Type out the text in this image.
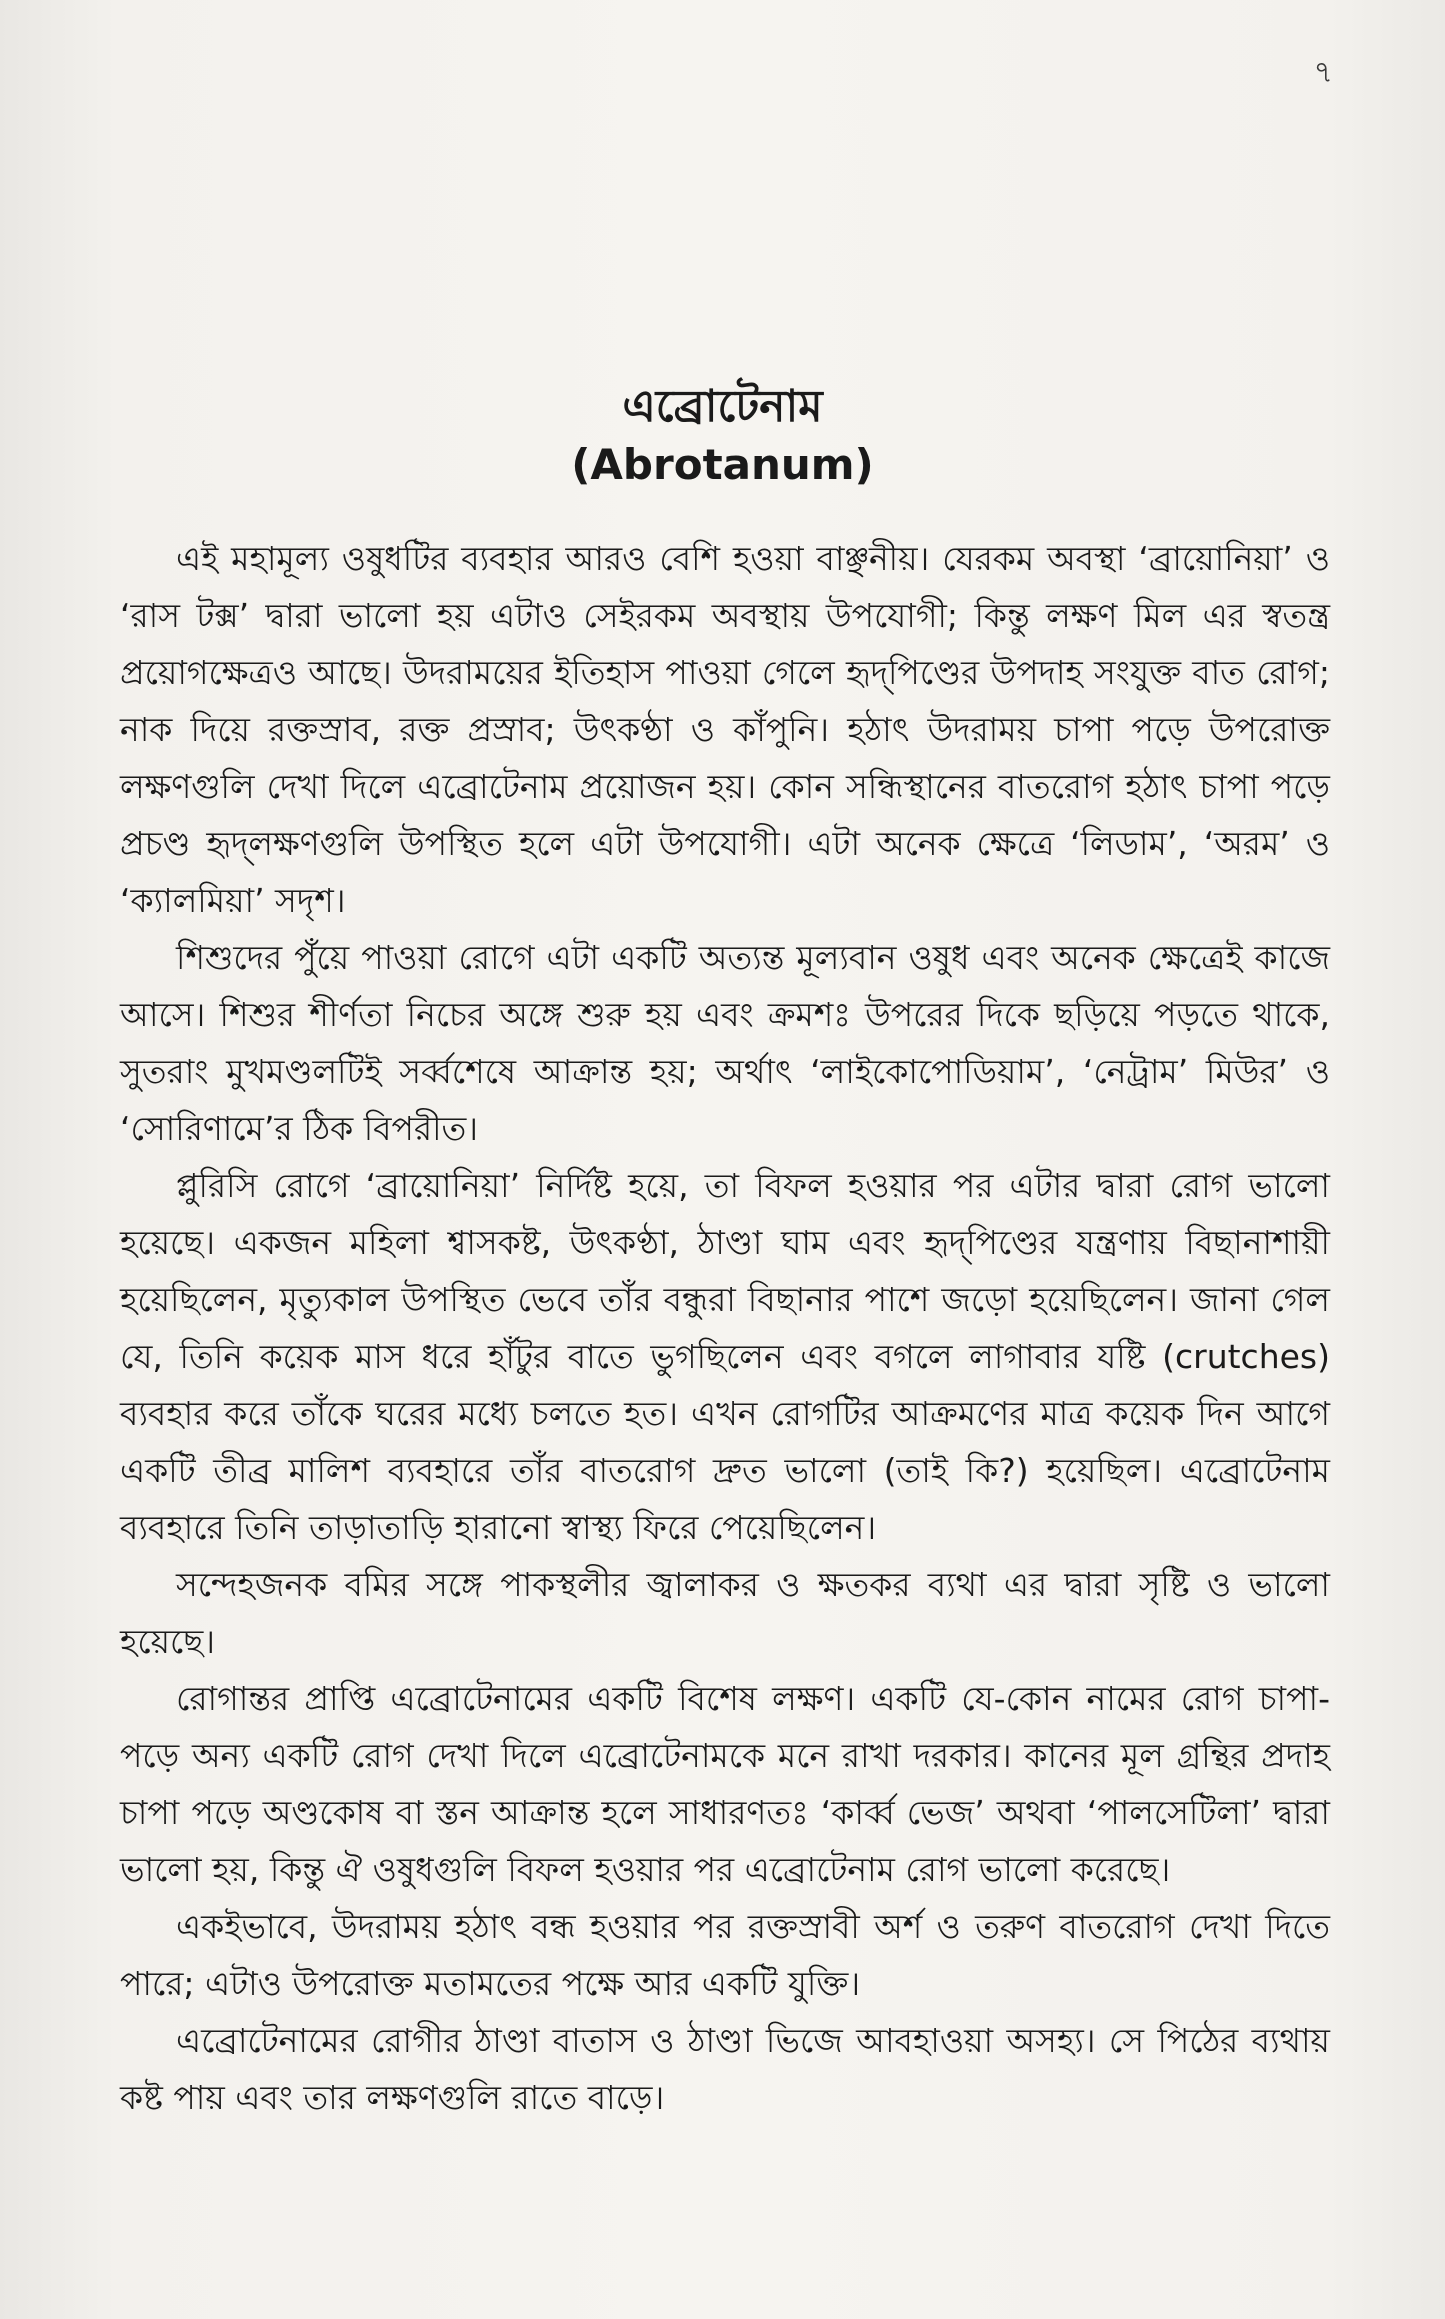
৭
এব্রোটেনাম
(Abrotanum)

এই মহামূল্য ওষুধটির ব্যবহার আরও বেশি হওয়া বাঞ্ছনীয়। যেরকম অবস্থা ‘ব্রায়োনিয়া’ ও ‘রাস টক্স’ দ্বারা ভালো হয় এটাও সেইরকম অবস্থায় উপযোগী; কিন্তু লক্ষণ মিল এর স্বতন্ত্র প্রয়োগক্ষেত্রও আছে। উদরাময়ের ইতিহাস পাওয়া গেলে হৃদ্‌পিণ্ডের উপদাহ সংযুক্ত বাত রোগ; নাক দিয়ে রক্তস্রাব, রক্ত প্রস্রাব; উৎকণ্ঠা ও কাঁপুনি। হঠাৎ উদরাময় চাপা পড়ে উপরোক্ত লক্ষণগুলি দেখা দিলে এব্রোটেনাম প্রয়োজন হয়। কোন সন্ধিস্থানের বাতরোগ হঠাৎ চাপা পড়ে প্রচণ্ড হৃদ্‌লক্ষণগুলি উপস্থিত হলে এটা উপযোগী। এটা অনেক ক্ষেত্রে ‘লিডাম’, ‘অরম’ ও ‘ক্যালমিয়া’ সদৃশ।

শিশুদের পুঁয়ে পাওয়া রোগে এটা একটি অত্যন্ত মূল্যবান ওষুধ এবং অনেক ক্ষেত্রেই কাজে আসে। শিশুর শীর্ণতা নিচের অঙ্গে শুরু হয় এবং ক্রমশঃ উপরের দিকে ছড়িয়ে পড়তে থাকে, সুতরাং মুখমণ্ডলটিই সর্ব্বশেষে আক্রান্ত হয়; অর্থাৎ ‘লাইকোপোডিয়াম’, ‘নেট্রাম’ মিউর’ ও ‘সোরিণামে’র ঠিক বিপরীত।

প্লুরিসি রোগে ‘ব্রায়োনিয়া’ নির্দিষ্ট হয়ে, তা বিফল হওয়ার পর এটার দ্বারা রোগ ভালো হয়েছে। একজন মহিলা শ্বাসকষ্ট, উৎকণ্ঠা, ঠাণ্ডা ঘাম এবং হৃদ্‌পিণ্ডের যন্ত্রণায় বিছানাশায়ী হয়েছিলেন, মৃত্যুকাল উপস্থিত ভেবে তাঁর বন্ধুরা বিছানার পাশে জড়ো হয়েছিলেন। জানা গেল যে, তিনি কয়েক মাস ধরে হাঁটুর বাতে ভুগছিলেন এবং বগলে লাগাবার যষ্টি (crutches) ব্যবহার করে তাঁকে ঘরের মধ্যে চলতে হত। এখন রোগটির আক্রমণের মাত্র কয়েক দিন আগে একটি তীব্র মালিশ ব্যবহারে তাঁর বাতরোগ দ্রুত ভালো (তাই কি?) হয়েছিল। এব্রোটেনাম ব্যবহারে তিনি তাড়াতাড়ি হারানো স্বাস্থ্য ফিরে পেয়েছিলেন।

সন্দেহজনক বমির সঙ্গে পাকস্থলীর জ্বালাকর ও ক্ষতকর ব্যথা এর দ্বারা সৃষ্টি ও ভালো হয়েছে।

রোগান্তর প্রাপ্তি এব্রোটেনামের একটি বিশেষ লক্ষণ। একটি যে-কোন নামের রোগ চাপা-পড়ে অন্য একটি রোগ দেখা দিলে এব্রোটেনামকে মনে রাখা দরকার। কানের মূল গ্রন্থির প্রদাহ চাপা পড়ে অণ্ডকোষ বা স্তন আক্রান্ত হলে সাধারণতঃ ‘কার্ব্ব ভেজ’ অথবা ‘পালসেটিলা’ দ্বারা ভালো হয়, কিন্তু ঐ ওষুধগুলি বিফল হওয়ার পর এব্রোটেনাম রোগ ভালো করেছে।

একইভাবে, উদরাময় হঠাৎ বন্ধ হওয়ার পর রক্তস্রাবী অর্শ ও তরুণ বাতরোগ দেখা দিতে পারে; এটাও উপরোক্ত মতামতের পক্ষে আর একটি যুক্তি।

এব্রোটেনামের রোগীর ঠাণ্ডা বাতাস ও ঠাণ্ডা ভিজে আবহাওয়া অসহ্য। সে পিঠের ব্যথায় কষ্ট পায় এবং তার লক্ষণগুলি রাতে বাড়ে।
